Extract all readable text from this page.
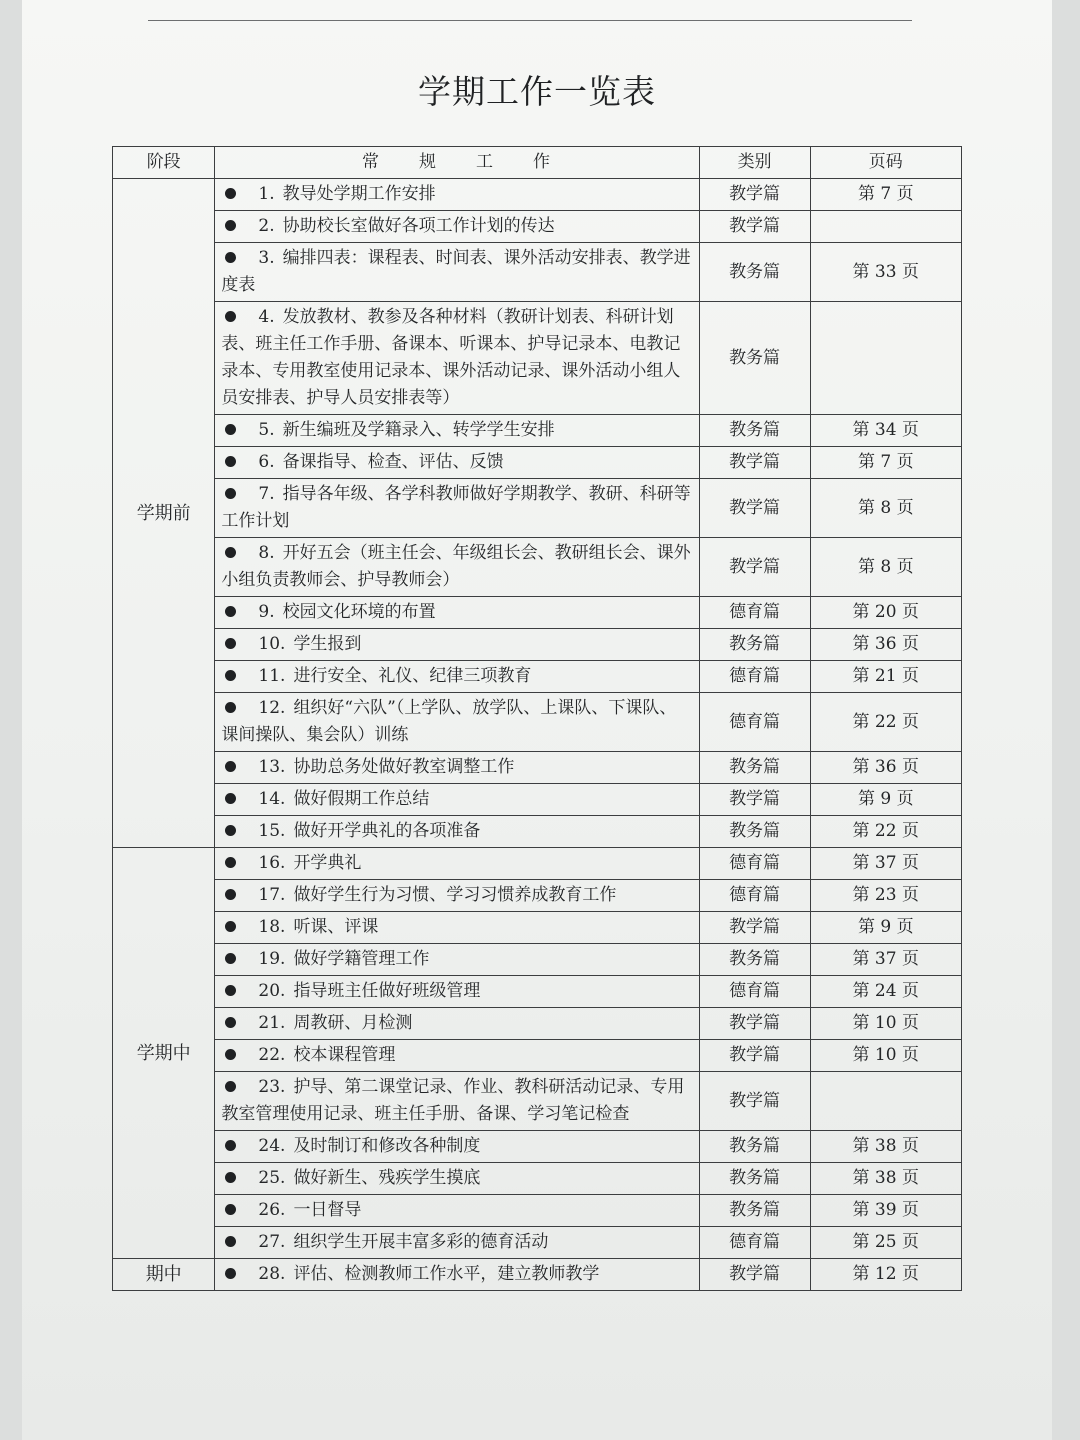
学期工作一览表
阶段	常　　规　　工　　作	类别	页码
学期前	1. 教导处学期工作安排	教学篇	第 7 页
	2. 协助校长室做好各项工作计划的传达	教学篇	
	3. 编排四表：课程表、时间表、课外活动安排表、教学进度表	教务篇	第 33 页
	4. 发放教材、教参及各种材料（教研计划表、科研计划表、班主任工作手册、备课本、听课本、护导记录本、电教记录本、专用教室使用记录本、课外活动记录、课外活动小组人员安排表、护导人员安排表等）	教务篇	
	5. 新生编班及学籍录入、转学学生安排	教务篇	第 34 页
	6. 备课指导、检查、评估、反馈	教学篇	第 7 页
	7. 指导各年级、各学科教师做好学期教学、教研、科研等工作计划	教学篇	第 8 页
	8. 开好五会（班主任会、年级组长会、教研组长会、课外小组负责教师会、护导教师会）	教学篇	第 8 页
	9. 校园文化环境的布置	德育篇	第 20 页
	10. 学生报到	教务篇	第 36 页
	11. 进行安全、礼仪、纪律三项教育	德育篇	第 21 页
	12. 组织好“六队”（上学队、放学队、上课队、下课队、课间操队、集会队）训练	德育篇	第 22 页
	13. 协助总务处做好教室调整工作	教务篇	第 36 页
	14. 做好假期工作总结	教学篇	第 9 页
	15. 做好开学典礼的各项准备	教务篇	第 22 页
学期中	16. 开学典礼	德育篇	第 37 页
	17. 做好学生行为习惯、学习习惯养成教育工作	德育篇	第 23 页
	18. 听课、评课	教学篇	第 9 页
	19. 做好学籍管理工作	教务篇	第 37 页
	20. 指导班主任做好班级管理	德育篇	第 24 页
	21. 周教研、月检测	教学篇	第 10 页
	22. 校本课程管理	教学篇	第 10 页
	23. 护导、第二课堂记录、作业、教科研活动记录、专用教室管理使用记录、班主任手册、备课、学习笔记检查	教学篇	
	24. 及时制订和修改各种制度	教务篇	第 38 页
	25. 做好新生、残疾学生摸底	教务篇	第 38 页
	26. 一日督导	教务篇	第 39 页
	27. 组织学生开展丰富多彩的德育活动	德育篇	第 25 页
期中	28. 评估、检测教师工作水平，建立教师教学	教学篇	第 12 页
